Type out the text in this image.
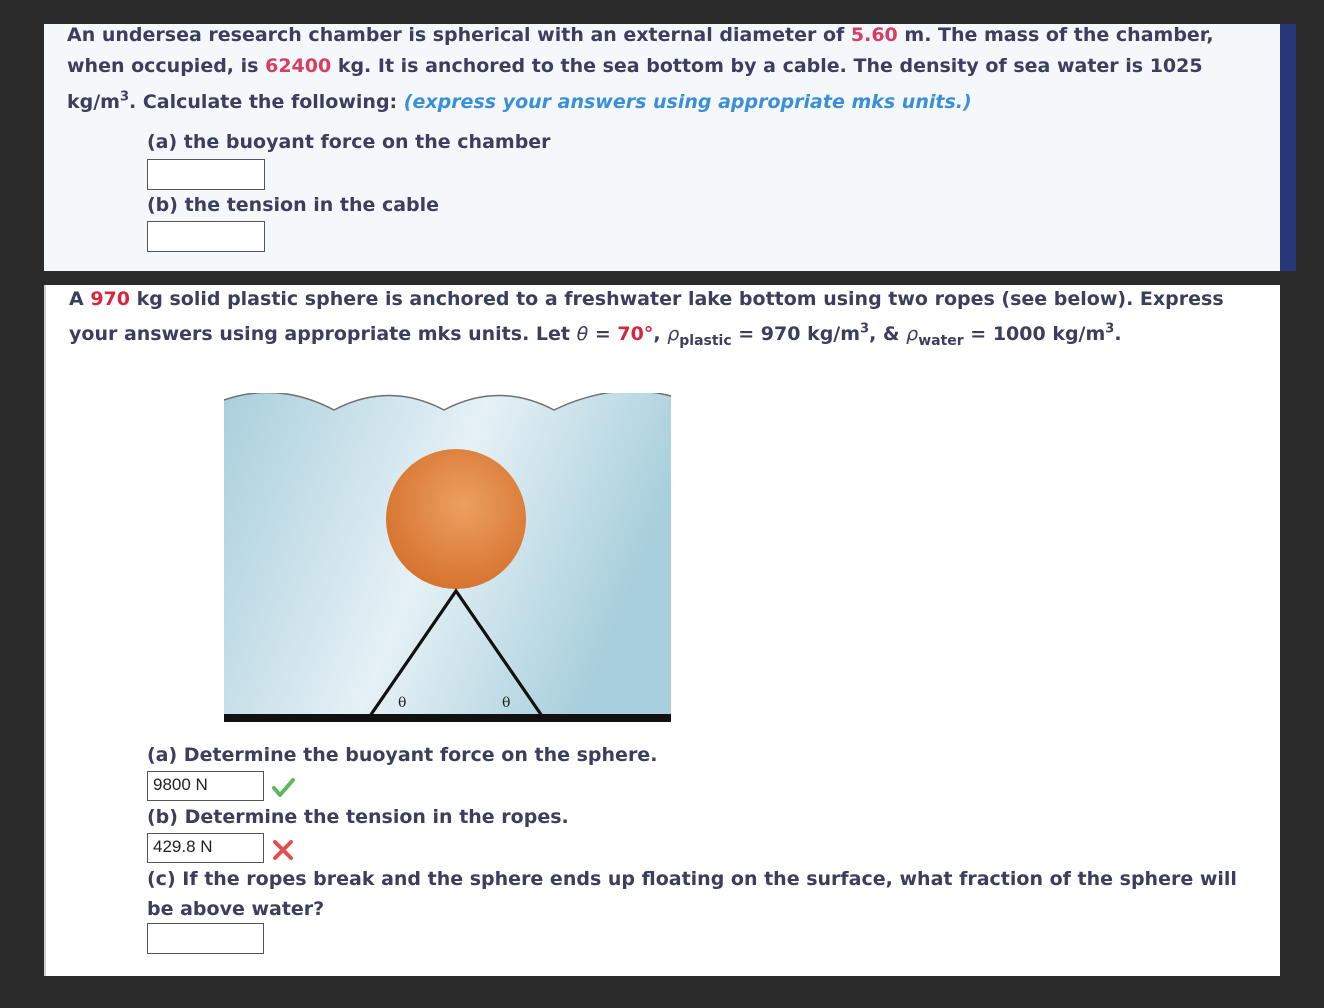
An undersea research chamber is spherical with an external diameter of 5.60 m. The mass of the chamber,
when occupied, is 62400 kg. It is anchored to the sea bottom by a cable. The density of sea water is 1025
$kg/m^3$. Calculate the following: (express your answers using appropriate mks units.)
(a) the buoyant force on the chamber
(b) the tension in the cable
A 970 kg solid plastic sphere is anchored to a freshwater lake bottom using two ropes (see below). Express
your answers using appropriate mks units. Let θ = 70°, $\rho_{plastic} = 970$ $kg/m^3$, & $\rho_{water} = 1000$ $kg/m^3$.
θ	θ
(a) Determine the buoyant force on the sphere.
9800 N
(b) Determine the tension in the ropes.
429.8 N
(c) If the ropes break and the sphere ends up floating on the surface, what fraction of the sphere will
be above water?
